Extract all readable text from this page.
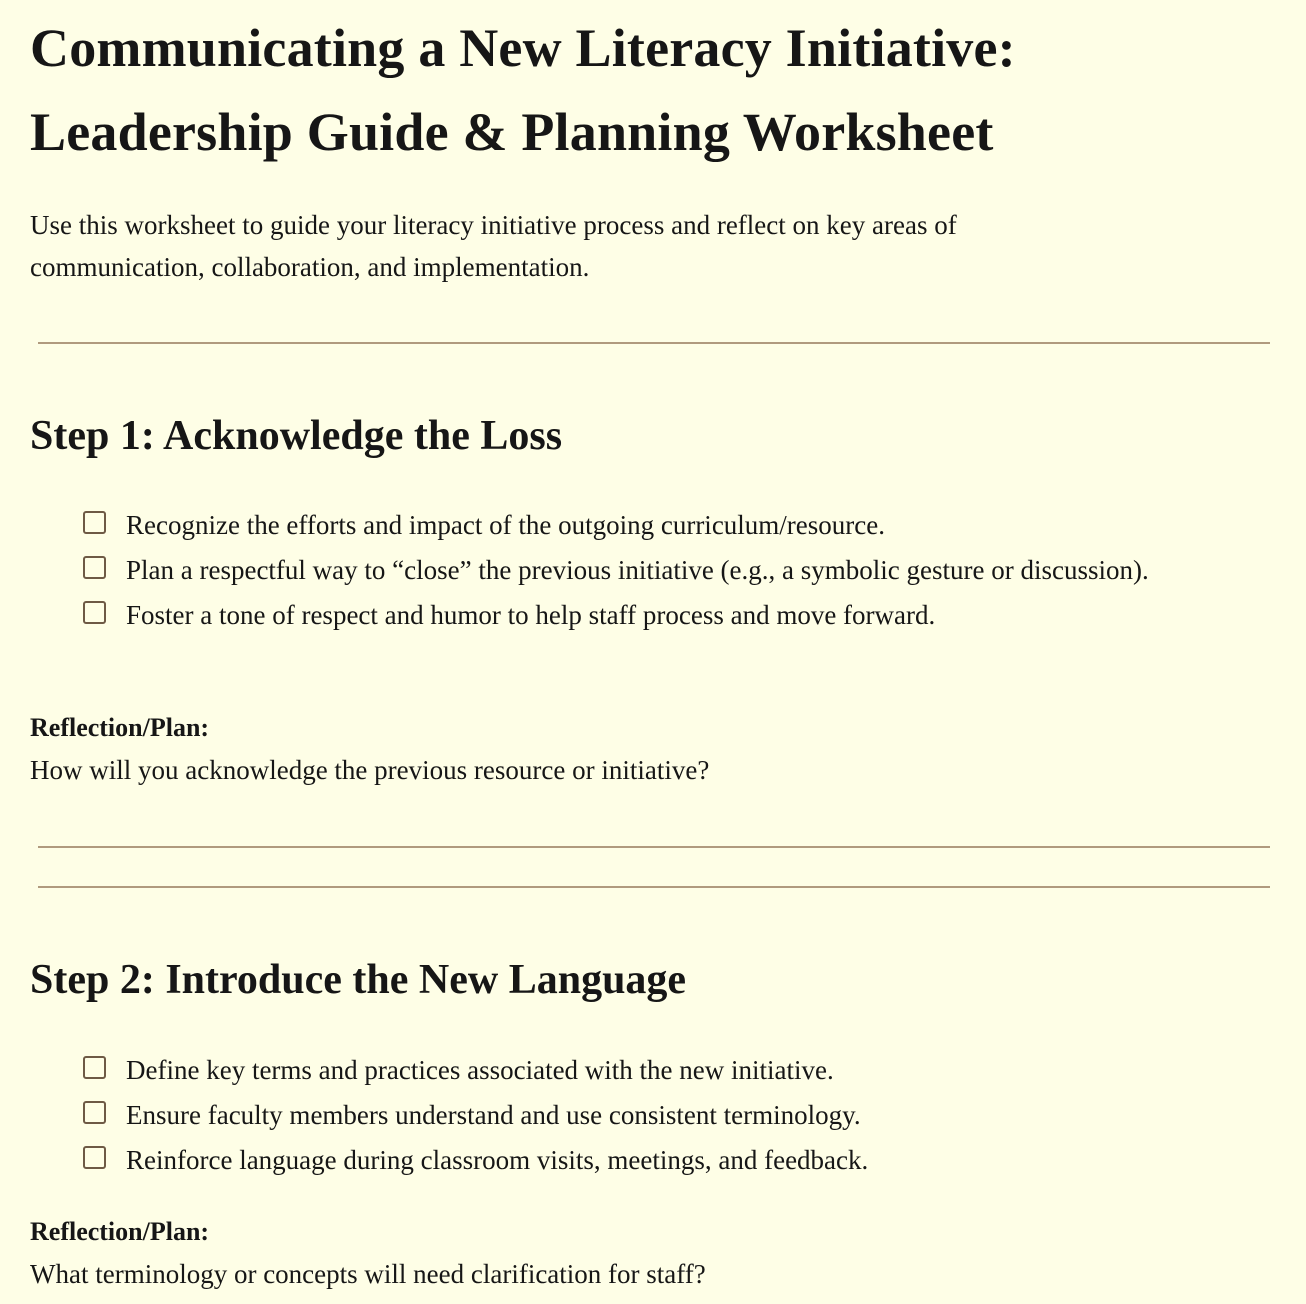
Communicating a New Literacy Initiative:
Leadership Guide & Planning Worksheet

Use this worksheet to guide your literacy initiative process and reflect on key areas of
communication, collaboration, and implementation.

Step 1: Acknowledge the Loss
Recognize the efforts and impact of the outgoing curriculum/resource.
Plan a respectful way to “close” the previous initiative (e.g., a symbolic gesture or discussion).
Foster a tone of respect and humor to help staff process and move forward.

Reflection/Plan:

How will you acknowledge the previous resource or initiative?

Step 2: Introduce the New Language
Define key terms and practices associated with the new initiative.
Ensure faculty members understand and use consistent terminology.
Reinforce language during classroom visits, meetings, and feedback.

Reflection/Plan:

What terminology or concepts will need clarification for staff?
